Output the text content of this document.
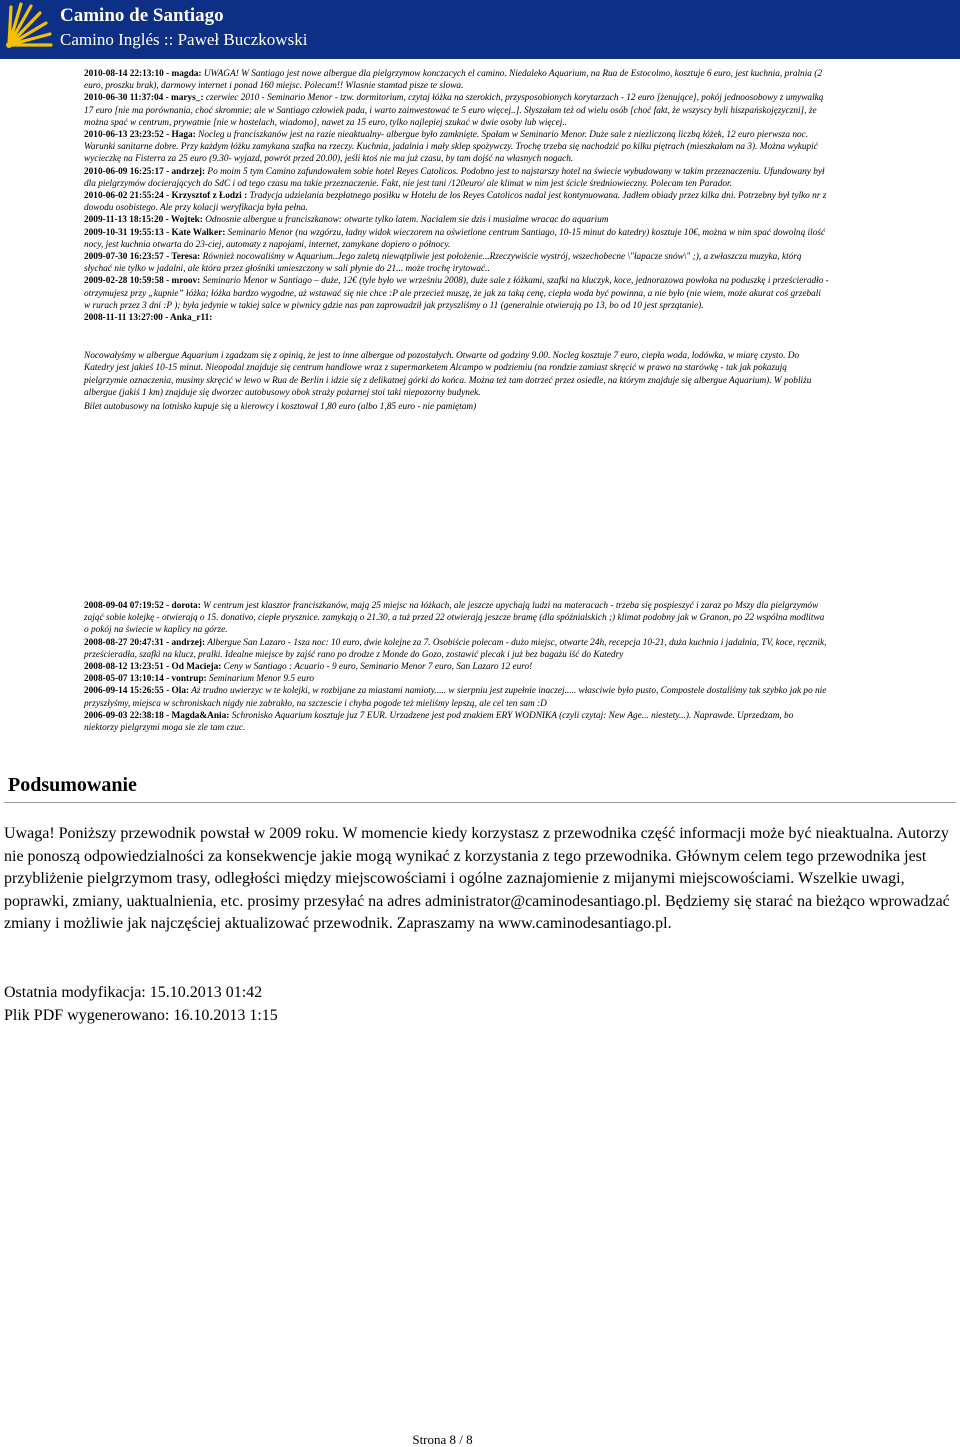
Camino de Santiago
Camino Inglés :: Paweł Buczkowski

2010-08-14 22:13:10 - magda: UWAGA! W Santiago jest nowe albergue dla pielgrzymow konczacych el camino. Niedaleko Aquarium, na Rua de Estocolmo, kosztuje 6 euro, jest kuchnia, pralnia (2 euro, proszku brak), darmowy internet i ponad 160 miejsc. Polecam!! Wlasnie stamtad pisze te slowa.

2010-06-30 11:37:04 - marys_: czerwiec 2010 - Seminario Menor - tzw. dormitorium, czytaj łóżka na szerokich, przysposobionych korytarzach - 12 euro [żenujące], pokój jednoosobowy z umywalką 17 euro [nie ma porównania, choć skromnie; ale w Santiago człowiek pada, i warto zainwestować te 5 euro więcej..]. Słyszałam też od wielu osób [choć fakt, że wszyscy byli hiszpańskojęzyczni], że można spać w centrum, prywatnie [nie w hostelach, wiadomo], nawet za 15 euro, tylko najlepiej szukać w dwie osoby lub więcej..

2010-06-13 23:23:52 - Haga: Nocleg u franciszkanów jest na razie nieaktualny- albergue było zamknięte. Spałam w Seminario Menor. Duże sale z niezliczoną liczbą łóżek, 12 euro pierwsza noc. Warunki sanitarne dobre. Przy każdym łóżku zamykana szafka na rzeczy. Kuchnia, jadalnia i mały sklep spożywczy. Trochę trzeba się nachodzić po kilku piętrach (mieszkałam na 3). Można wykupić wycieczkę na Fisterra za 25 euro (9.30- wyjazd, powrót przed 20.00), jeśli ktoś nie ma już czasu, by tam dojść na własnych nogach.

2010-06-09 16:25:17 - andrzej: Po moim 5 tym Camino zafundowałem sobie hotel Reyes Catolicos. Podobno jest to najstarszy hotel na świecie wybudowany w takim przeznaczeniu. Ufundowany był dla pielgrzymów docierających do SdC i od tego czasu ma takie przeznaczenie. Fakt, nie jest tani /120euro/ ale klimat w nim jest ścicle średniowieczny. Polecam ten Parador.

2010-06-02 21:55:24 - Krzysztof z Łodzi : Tradycja udzielania bezpłatnego posiłku w Hotelu de los Reyes Catolicos nadal jest kontynuowana. Jadłem obiady przez kilka dni. Potrzebny był tylko nr z dowodu osobistego. Ale przy kolacji weryfikacja była pełna.

2009-11-13 18:15:20 - Wojtek: Odnosnie albergue u franciszkanow: otwarte tylko latem. Nacialem sie dzis i musialme wracac do aquarium

2009-10-31 19:55:13 - Kate Walker: Seminario Menor (na wzgórzu, ładny widok wieczorem na oświetlone centrum Santiago, 10-15 minut do katedry) kosztuje 10€, można w nim spać dowolną ilość nocy, jest kuchnia otwarta do 23-ciej, automaty z napojami, internet, zamykane dopiero o północy.

2009-07-30 16:23:57 - Teresa: Również nocowaliśmy w Aquarium..Jego zaletą niewątpliwie jest położenie...Rzeczywiście wystrój, wszechobecne \"łapacze snów\" ;), a zwłaszcza muzyka, którą słychać nie tylko w jadalni, ale która przez głośniki umieszczony w sali płynie do 21... może trochę irytować..

2009-02-28 10:59:58 - mroov: Seminario Menor w Santiago – duże, 12€ (tyle było we wrześniu 2008), duże sale z łóżkami, szafki na kluczyk, koce, jednorazowa powłoka na poduszkę i prześcieradło - otrzymujesz przy „kupnie” łóżka; łóżka bardzo wygodne, aż wstawać się nie chce :P ale przecież muszę, że jak za taką cenę, ciepła woda być powinna, a nie było (nie wiem, może akurat coś grzebali w rurach przez 3 dni :P ); była jedynie w takiej salce w piwnicy gdzie nas pan zaprowadził jak przyszliśmy o 11 (generalnie otwierają po 13, bo od 10 jest sprzątanie).

2008-11-11 13:27:00 - Anka_r11:

Nocowałyśmy w albergue Aquarium i zgadzam się z opinią, że jest to inne albergue od pozostałych. Otwarte od godziny 9.00. Nocleg kosztuje 7 euro, ciepła woda, lodówka, w miarę czysto. Do Katedry jest jakieś 10-15 minut. Nieopodal znajduje się centrum handlowe wraz z supermarketem Alcampo w podziemiu (na rondzie zamiast skręcić w prawo na starówkę - tak jak pokazują pielgrzymie oznaczenia, musimy skręcić w lewo w Rua de Berlin i idzie się z delikatnej górki do końca. Można też tam dotrzeć przez osiedle, na którym znajduje się albergue Aquarium). W pobliżu albergue (jakiś 1 km) znajduje się dworzec autobusowy obok straży pożarnej stoi taki niepozorny budynek.

Bilet autobusowy na lotnisko kupuje się u kierowcy i kosztował 1,80 euro (albo 1,85 euro - nie pamiętam)

2008-09-04 07:19:52 - dorota: W centrum jest klasztor franciszkanów, mają 25 miejsc na łóżkach, ale jeszcze upychają ludzi na materacach - trzeba się pospieszyć i zaraz po Mszy dla pielgrzymów zająć sobie kolejkę - otwierają o 15. donativo, ciepłe prysznice. zamykają o 21.30, a tuż przed 22 otwierają jeszcze bramę (dla spóźnialskich ;) klimat podobny jak w Granon, po 22 wspólna modlitwa o pokój na świecie w kaplicy na górze.

2008-08-27 20:47:31 - andrzej: Albergue San Lazaro - 1sza noc: 10 euro, dwie kolejne za 7. Osobiście polecam - dużo miejsc, otwarte 24h, recepcja 10-21, duża kuchnia i jadalnia, TV, koce, ręcznik, prześcieradła, szafki na klucz, pralki. Idealne miejsce by zajść rano po drodze z Monde do Gozo, zostawić plecak i już bez bagażu iść do Katedry

2008-08-12 13:23:51 - Od Macieja: Ceny w Santiago : Acuario - 9 euro, Seminario Menor 7 euro, San Lazaro 12 euro!

2008-05-07 13:10:14 - vontrup: Seminarium Menor 9.5 euro

2006-09-14 15:26:55 - Ola: Aż trudno uwierzyc w te kolejki, w rozbijane za miastami namioty..... w sierpniu jest zupełnie inaczej..... własciwie było pusto, Compostele dostaliśmy tak szybko jak po nie przyszłyśmy, miejsca w schroniskach nigdy nie zabrakło, na szczescie i chyba pogode też mieliśmy lepszą, ale cel ten sam :D

2006-09-03 22:38:18 - Magda&Ania: Schronisko Aquarium kosztuje juz 7 EUR. Urzadzene jest pod znakiem ERY WODNIKA (czyli czytaj: New Age... niestety...). Naprawde. Uprzedzam, bo niektorzy pielgrzymi moga sie zle tam czuc.

Podsumowanie

Uwaga! Poniższy przewodnik powstał w 2009 roku. W momencie kiedy korzystasz z przewodnika część informacji może być nieaktualna. Autorzy nie ponoszą odpowiedzialności za konsekwencje jakie mogą wynikać z korzystania z tego przewodnika. Głównym celem tego przewodnika jest przybliżenie pielgrzymom trasy, odległości między miejscowościami i ogólne zaznajomienie z mijanymi miejscowościami. Wszelkie uwagi, poprawki, zmiany, uaktualnienia, etc. prosimy przesyłać na adres administrator@caminodesantiago.pl. Będziemy się starać na bieżąco wprowadzać zmiany i możliwie jak najczęściej aktualizować przewodnik. Zapraszamy na www.caminodesantiago.pl.

Ostatnia modyfikacja: 15.10.2013 01:42
Plik PDF wygenerowano: 16.10.2013 1:15
Strona 8 / 8
